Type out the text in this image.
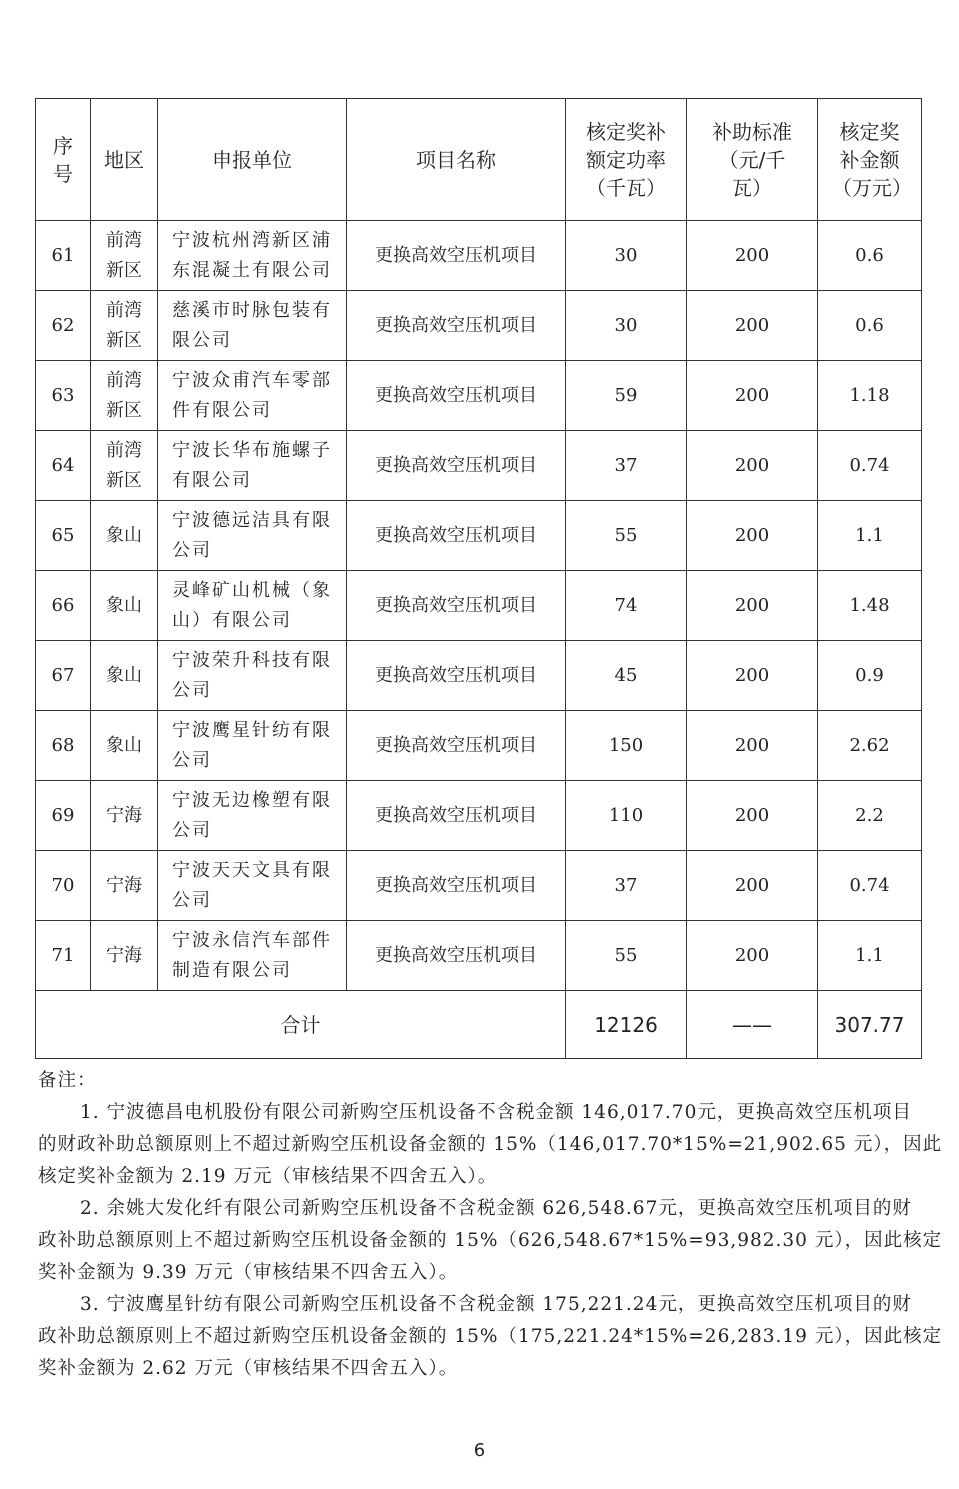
序号	地区	申报单位	项目名称	核定奖补额定功率（千瓦）	补助标准（元/千瓦）	核定奖补金额（万元）
61	前湾新区	宁波杭州湾新区浦东混凝土有限公司	更换高效空压机项目	30	200	0.6
62	前湾新区	慈溪市时脉包装有限公司	更换高效空压机项目	30	200	0.6
63	前湾新区	宁波众甫汽车零部件有限公司	更换高效空压机项目	59	200	1.18
64	前湾新区	宁波长华布施螺子有限公司	更换高效空压机项目	37	200	0.74
65	象山	宁波德远洁具有限公司	更换高效空压机项目	55	200	1.1
66	象山	灵峰矿山机械（象山）有限公司	更换高效空压机项目	74	200	1.48
67	象山	宁波荣升科技有限公司	更换高效空压机项目	45	200	0.9
68	象山	宁波鹰星针纺有限公司	更换高效空压机项目	150	200	2.62
69	宁海	宁波无边橡塑有限公司	更换高效空压机项目	110	200	2.2
70	宁海	宁波天天文具有限公司	更换高效空压机项目	37	200	0.74
71	宁海	宁波永信汽车部件制造有限公司	更换高效空压机项目	55	200	1.1
合计				12126	——	307.77
备注：
1. 宁波德昌电机股份有限公司新购空压机设备不含税金额 146,017.70元，更换高效空压机项目
的财政补助总额原则上不超过新购空压机设备金额的 15%（146,017.70*15%=21,902.65 元），因此
核定奖补金额为 2.19 万元（审核结果不四舍五入）。
2. 余姚大发化纤有限公司新购空压机设备不含税金额 626,548.67元，更换高效空压机项目的财
政补助总额原则上不超过新购空压机设备金额的 15%（626,548.67*15%=93,982.30 元），因此核定
奖补金额为 9.39 万元（审核结果不四舍五入）。
3. 宁波鹰星针纺有限公司新购空压机设备不含税金额 175,221.24元，更换高效空压机项目的财
政补助总额原则上不超过新购空压机设备金额的 15%（175,221.24*15%=26,283.19 元），因此核定
奖补金额为 2.62 万元（审核结果不四舍五入）。
6
